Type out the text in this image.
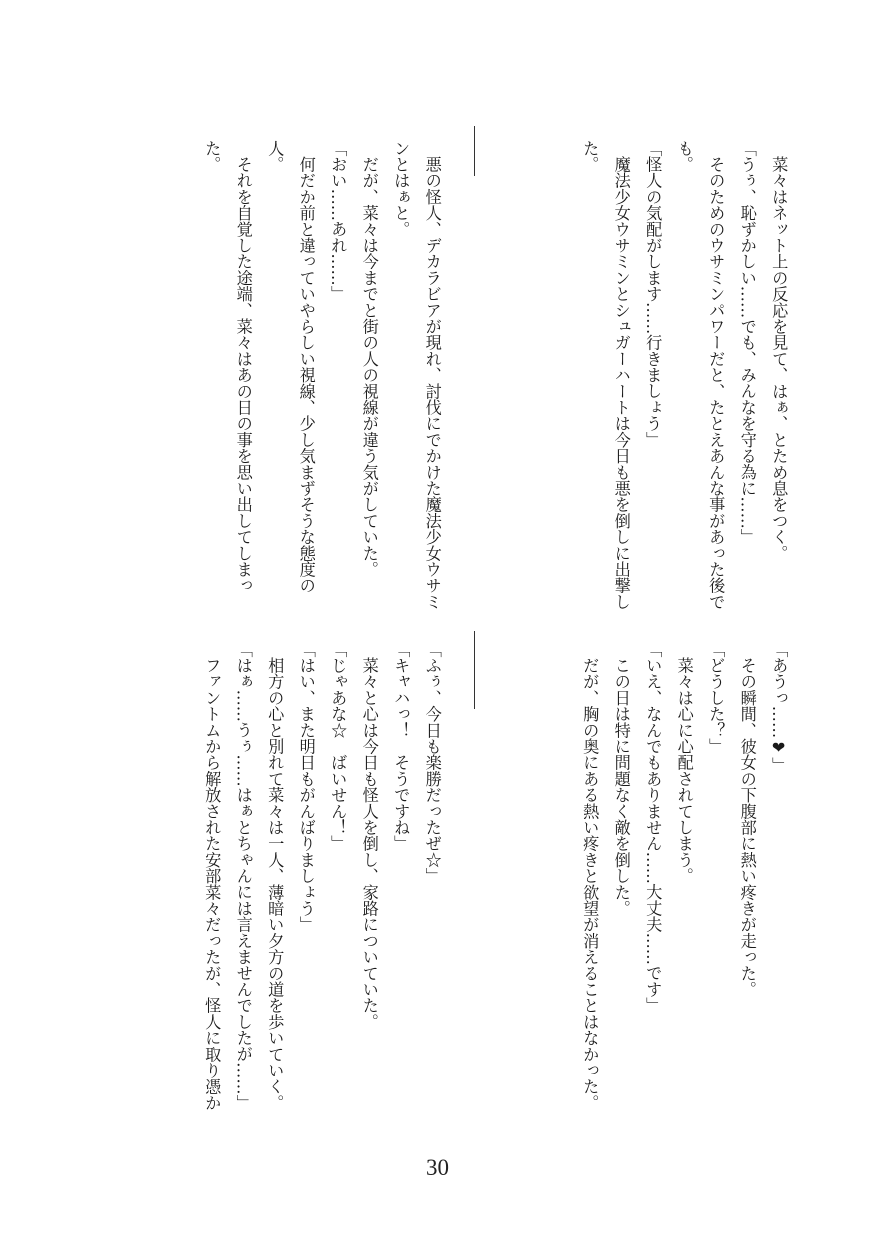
　菜々はネット上の反応を見て、はぁ、とため息をつく。

「うぅ、恥ずかしい……でも、みんなを守る為に……」

　そのためのウサミンパワーだと、たとえあんな事があった後で

も。

「怪人の気配がします……行きましょう」

　魔法少女ウサミンとシュガーハートは今日も悪を倒しに出撃し

た。

　悪の怪人、デカラビアが現れ、討伐にでかけた魔法少女ウサミ

ンとはぁと。

　だが、菜々は今までと街の人の視線が違う気がしていた。

「おい……あれ……」

　何だか前と違っていやらしい視線、少し気まずそうな態度の

人。

　それを自覚した途端、菜々はあの日の事を思い出してしまっ

た。

「あうっ……❤」

　その瞬間、彼女の下腹部に熱い疼きが走った。

「どうした？」

　菜々は心に心配されてしまう。

「いえ、なんでもありません……大丈夫……です」

　この日は特に問題なく敵を倒した。

　だが、胸の奥にある熱い疼きと欲望が消えることはなかった。

「ふぅ、今日も楽勝だったぜ☆」

「キャハっ！　そうですね」

　菜々と心は今日も怪人を倒し、家路についていた。

「じゃあな☆　ばいせん！」

「はい、また明日もがんばりましょう」

　相方の心と別れて菜々は一人、薄暗い夕方の道を歩いていく。

「はぁ……うぅ……はぁとちゃんには言えませんでしたが……」

　ファントムから解放された安部菜々だったが、怪人に取り憑か

30
